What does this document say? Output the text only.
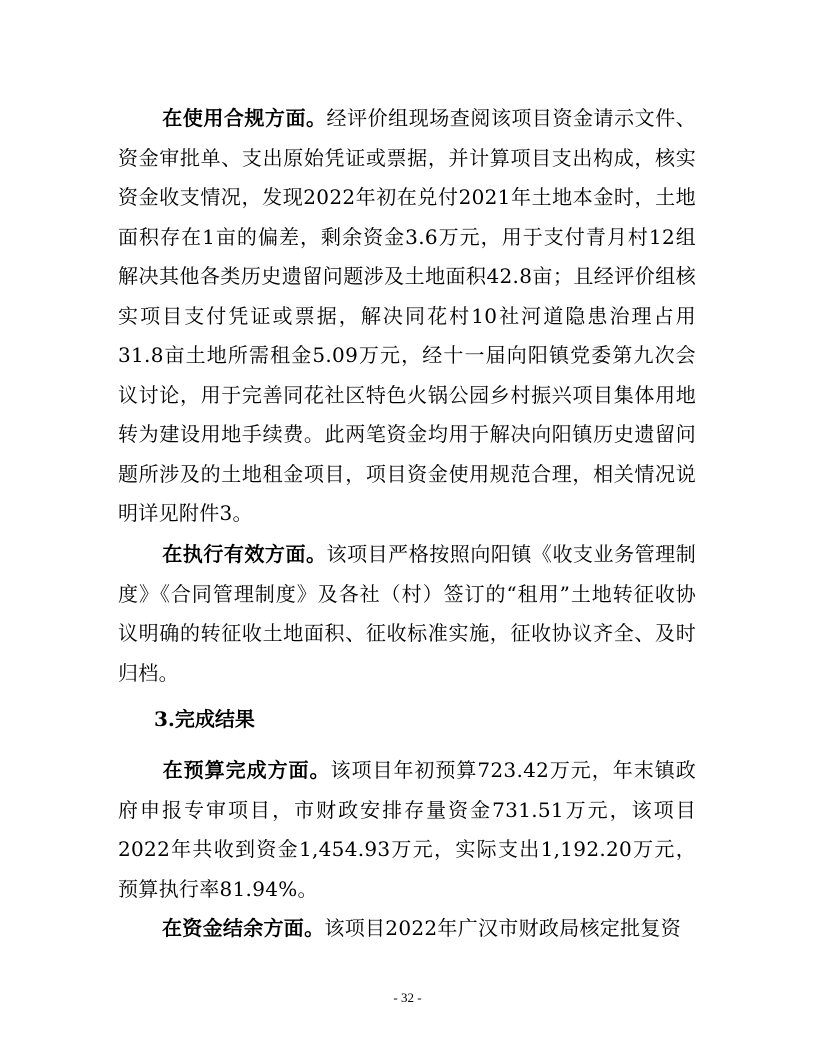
在使用合规方面。经评价组现场查阅该项目资金请示文件、资金审批单、支出原始凭证或票据，并计算项目支出构成，核实资金收支情况，发现2022年初在兑付2021年土地本金时，土地面积存在1亩的偏差，剩余资金3.6万元，用于支付青月村12组解决其他各类历史遗留问题涉及土地面积42.8亩；且经评价组核实项目支付凭证或票据，解决同花村10社河道隐患治理占用31.8亩土地所需租金5.09万元，经十一届向阳镇党委第九次会议讨论，用于完善同花社区特色火锅公园乡村振兴项目集体用地转为建设用地手续费。此两笔资金均用于解决向阳镇历史遗留问题所涉及的土地租金项目，项目资金使用规范合理，相关情况说明详见附件3。

在执行有效方面。该项目严格按照向阳镇《收支业务管理制度》《合同管理制度》及各社（村）签订的“租用”土地转征收协议明确的转征收土地面积、征收标准实施，征收协议齐全、及时归档。

3.完成结果

在预算完成方面。该项目年初预算723.42万元，年末镇政府申报专审项目，市财政安排存量资金731.51万元，该项目2022年共收到资金1,454.93万元，实际支出1,192.20万元，预算执行率81.94%。

在资金结余方面。该项目2022年广汉市财政局核定批复资

- 32 -
